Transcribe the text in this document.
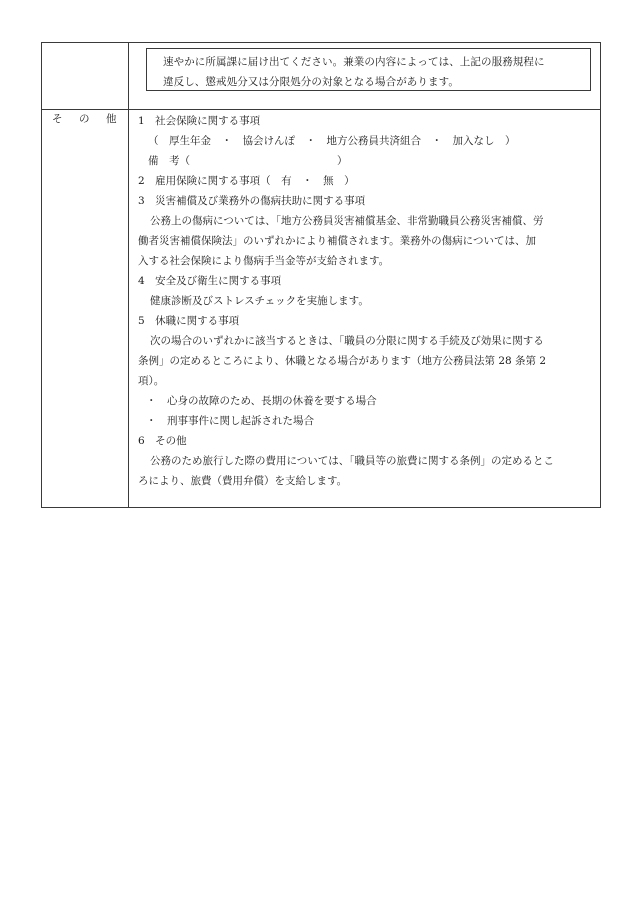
速やかに所属課に届け出てください。兼業の内容によっては、上記の服務規程に
違反し、懲戒処分又は分限処分の対象となる場合があります。
そ の 他 1　社会保険に関する事項
（　厚生年金　・　協会けんぽ　・　地方公務員共済組合　・　加入なし　）
備　考（　　　　　　　　　　　　　　）
2　雇用保険に関する事項（　有　・　無　）
3　災害補償及び業務外の傷病扶助に関する事項
公務上の傷病については、「地方公務員災害補償基金、非常勤職員公務災害補償、労
働者災害補償保険法」のいずれかにより補償されます。業務外の傷病については、加
入する社会保険により傷病手当金等が支給されます。
4　安全及び衛生に関する事項
健康診断及びストレスチェックを実施します。
5　休職に関する事項
次の場合のいずれかに該当するときは、「職員の分限に関する手続及び効果に関する
条例」の定めるところにより、休職となる場合があります（地方公務員法第 28 条第 2
項）。
・　心身の故障のため、長期の休養を要する場合
・　刑事事件に関し起訴された場合
6　その他
公務のため旅行した際の費用については、「職員等の旅費に関する条例」の定めるとこ
ろにより、旅費（費用弁償）を支給します。
